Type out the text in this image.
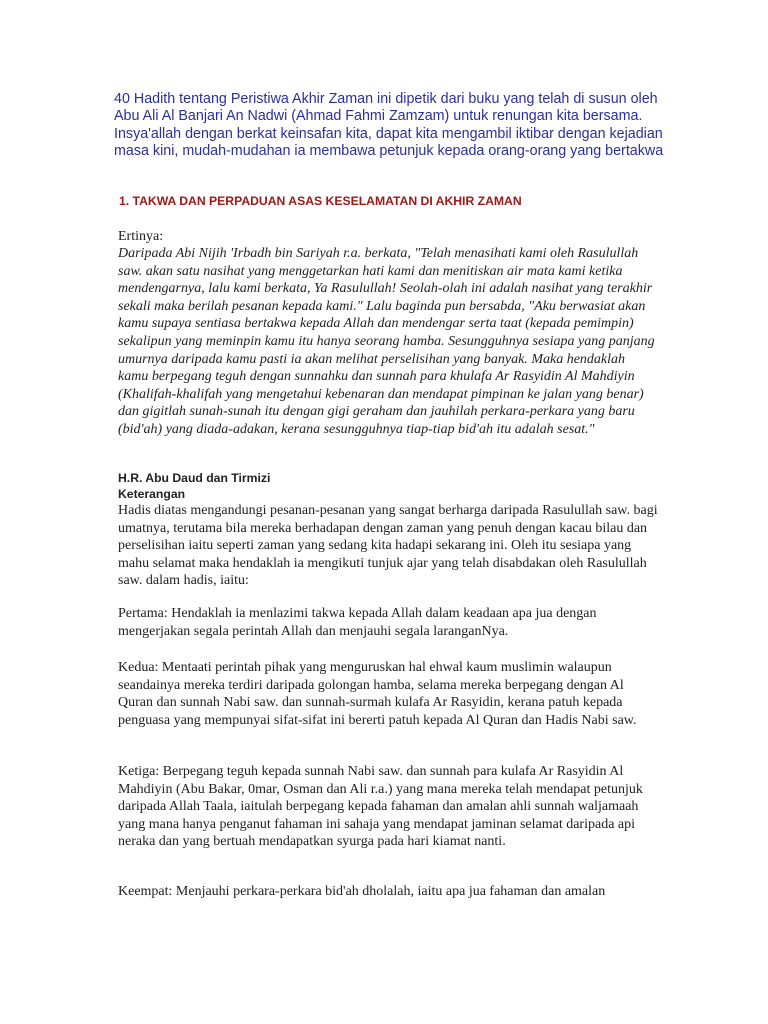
40 Hadith tentang Peristiwa Akhir Zaman ini dipetik dari buku yang telah di susun oleh Abu Ali Al Banjari An Nadwi (Ahmad Fahmi Zamzam) untuk renungan kita bersama. Insya'allah dengan berkat keinsafan kita, dapat kita mengambil iktibar dengan kejadian masa kini, mudah-mudahan ia membawa petunjuk kepada orang-orang yang bertakwa

1. TAKWA DAN PERPADUAN ASAS KESELAMATAN DI AKHIR ZAMAN

Ertinya:

Daripada Abi Nijih 'Irbadh bin Sariyah r.a. berkata, "Telah menasihati kami oleh Rasulullah saw. akan satu nasihat yang menggetarkan hati kami dan menitiskan air mata kami ketika mendengarnya, lalu kami berkata, Ya Rasulullah! Seolah-olah ini adalah nasihat yang terakhir sekali maka berilah pesanan kepada kami." Lalu baginda pun bersabda, "Aku berwasiat akan kamu supaya sentiasa bertakwa kepada Allah dan mendengar serta taat (kepada pemimpin) sekalipun yang meminpin kamu itu hanya seorang hamba. Sesungguhnya sesiapa yang panjang umurnya daripada kamu pasti ia akan melihat perselisihan yang banyak. Maka hendaklah kamu berpegang teguh dengan sunnahku dan sunnah para khulafa Ar Rasyidin Al Mahdiyin (Khalifah-khalifah yang mengetahui kebenaran dan mendapat pimpinan ke jalan yang benar) dan gigitlah sunah-sunah itu dengan gigi geraham dan jauhilah perkara-perkara yang baru (bid'ah) yang diada-adakan, kerana sesungguhnya tiap-tiap bid'ah itu adalah sesat."

H.R. Abu Daud dan Tirmizi

Keterangan

Hadis diatas mengandungi pesanan-pesanan yang sangat berharga daripada Rasulullah saw. bagi umatnya, terutama bila mereka berhadapan dengan zaman yang penuh dengan kacau bilau dan perselisihan iaitu seperti zaman yang sedang kita hadapi sekarang ini. Oleh itu sesiapa yang mahu selamat maka hendaklah ia mengikuti tunjuk ajar yang telah disabdakan oleh Rasulullah saw. dalam hadis, iaitu:

Pertama: Hendaklah ia menlazimi takwa kepada Allah dalam keadaan apa jua dengan mengerjakan segala perintah Allah dan menjauhi segala laranganNya.

Kedua: Mentaati perintah pihak yang menguruskan hal ehwal kaum muslimin walaupun seandainya mereka terdiri daripada golongan hamba, selama mereka berpegang dengan Al Quran dan sunnah Nabi saw. dan sunnah-surmah kulafa Ar Rasyidin, kerana patuh kepada penguasa yang mempunyai sifat-sifat ini bererti patuh kepada Al Quran dan Hadis Nabi saw.

Ketiga: Berpegang teguh kepada sunnah Nabi saw. dan sunnah para kulafa Ar Rasyidin Al Mahdiyin (Abu Bakar, 0mar, Osman dan Ali r.a.) yang mana mereka telah mendapat petunjuk daripada Allah Taala, iaitulah berpegang kepada fahaman dan amalan ahli sunnah waljamaah yang mana hanya penganut fahaman ini sahaja yang mendapat jaminan selamat daripada api neraka dan yang bertuah mendapatkan syurga pada hari kiamat nanti.

Keempat: Menjauhi perkara-perkara bid'ah dholalah, iaitu apa jua fahaman dan amalan
